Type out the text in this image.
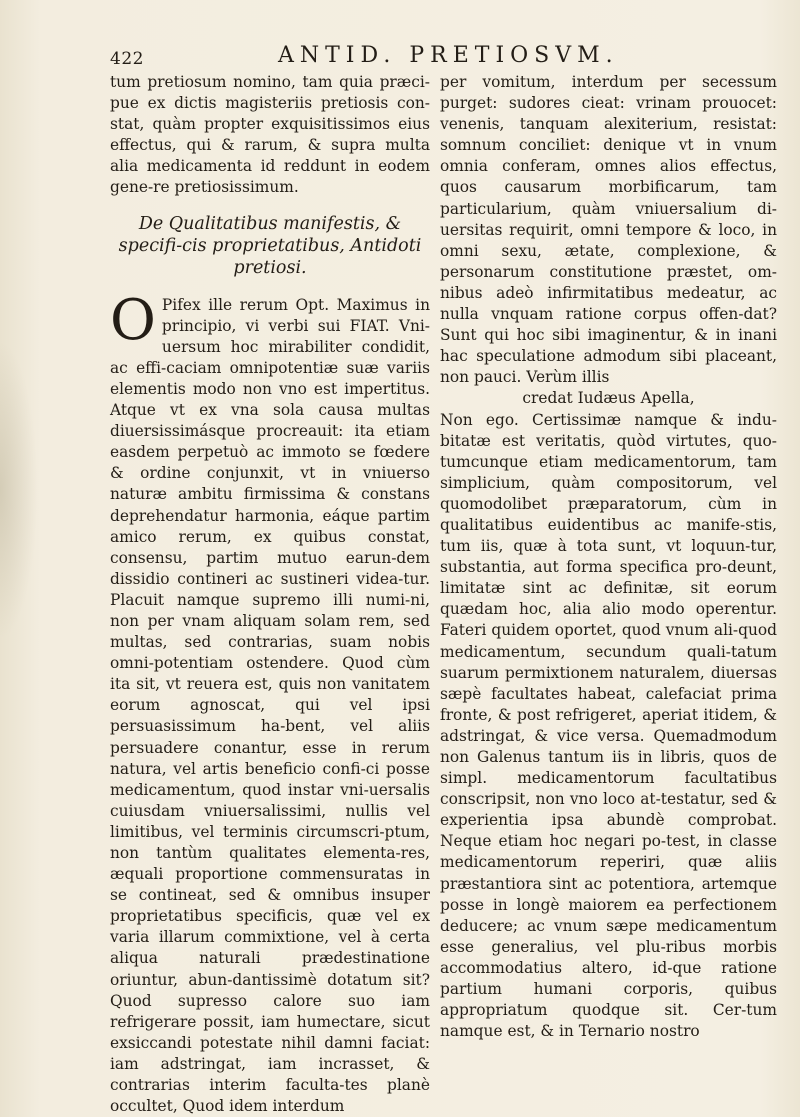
422	ANTID. PRETIOSVM.

tum pretiosum nomino, tam quia præci-pue ex dictis magisteriis pretiosis con-stat, quàm propter exquisitissimos eius effectus, qui & rarum, & supra multa alia medicamenta id reddunt in eodem gene-re pretiosissimum.

De Qualitatibus manifestis, & specifi-cis proprietatibus, Antidoti pretiosi.

O Pifex ille rerum Opt. Maximus in principio, vi verbi sui FIAT. Vni-uersum hoc mirabiliter condidit, ac effi-caciam omnipotentiæ suæ variis elementis modo non vno est impertitus. Atque vt ex vna sola causa multas diuersissimásque procreauit: ita etiam easdem perpetuò ac immoto se fœdere & ordine conjunxit, vt in vniuerso naturæ ambitu firmissima & constans deprehendatur harmonia, eáque partim amico rerum, ex quibus constat, consensu, partim mutuo earun-dem dissidio contineri ac sustineri videa-tur. Placuit namque supremo illi numi-ni, non per vnam aliquam solam rem, sed multas, sed contrarias, suam nobis omni-potentiam ostendere. Quod cùm ita sit, vt reuera est, quis non vanitatem eorum agnoscat, qui vel ipsi persuasissimum ha-bent, vel aliis persuadere conantur, esse in rerum natura, vel artis beneficio confi-ci posse medicamentum, quod instar vni-uersalis cuiusdam vniuersalissimi, nullis vel limitibus, vel terminis circumscri-ptum, non tantùm qualitates elementa-res, æquali proportione commensuratas in se contineat, sed & omnibus insuper proprietatibus specificis, quæ vel ex varia illarum commixtione, vel à certa aliqua naturali prædestinatione oriuntur, abun-dantissimè dotatum sit? Quod supresso calore suo iam refrigerare possit, iam humectare, sicut exsiccandi potestate nihil damni faciat: iam adstringat, iam incrasset, & contrarias interim faculta-tes planè occultet, Quod idem interdum

per vomitum, interdum per secessum purget: sudores cieat: vrinam prouocet: venenis, tanquam alexiterium, resistat: somnum conciliet: denique vt in vnum omnia conferam, omnes alios effectus, quos causarum morbificarum, tam particularium, quàm vniuersalium di-uersitas requirit, omni tempore & loco, in omni sexu, ætate, complexione, & personarum constitutione præstet, om-nibus adeò infirmitatibus medeatur, ac nulla vnquam ratione corpus offen-dat? Sunt qui hoc sibi imaginentur, & in inani hac speculatione admodum sibi placeant, non pauci. Verùm illis

credat Iudæus Apella,

Non ego. Certissimæ namque & indu-bitatæ est veritatis, quòd virtutes, quo-tumcunque etiam medicamentorum, tam simplicium, quàm compositorum, vel quomodolibet præparatorum, cùm in qualitatibus euidentibus ac manife-stis, tum iis, quæ à tota sunt, vt loquun-tur, substantia, aut forma specifica pro-deunt, limitatæ sint ac definitæ, sit eorum quædam hoc, alia alio modo operentur. Fateri quidem oportet, quod vnum ali-quod medicamentum, secundum quali-tatum suarum permixtionem naturalem, diuersas sæpè facultates habeat, calefaciat prima fronte, & post refrigeret, aperiat itidem, & adstringat, & vice versa. Quemadmodum non Galenus tantum iis in libris, quos de simpl. medicamentorum facultatibus conscripsit, non vno loco at-testatur, sed & experientia ipsa abundè comprobat. Neque etiam hoc negari po-test, in classe medicamentorum reperiri, quæ aliis præstantiora sint ac potentiora, artemque posse in longè maiorem ea perfectionem deducere; ac vnum sæpe medicamentum esse generalius, vel plu-ribus morbis accommodatius altero, id-que ratione partium humani corporis, quibus appropriatum quodque sit. Cer-tum namque est, & in Ternario nostro
